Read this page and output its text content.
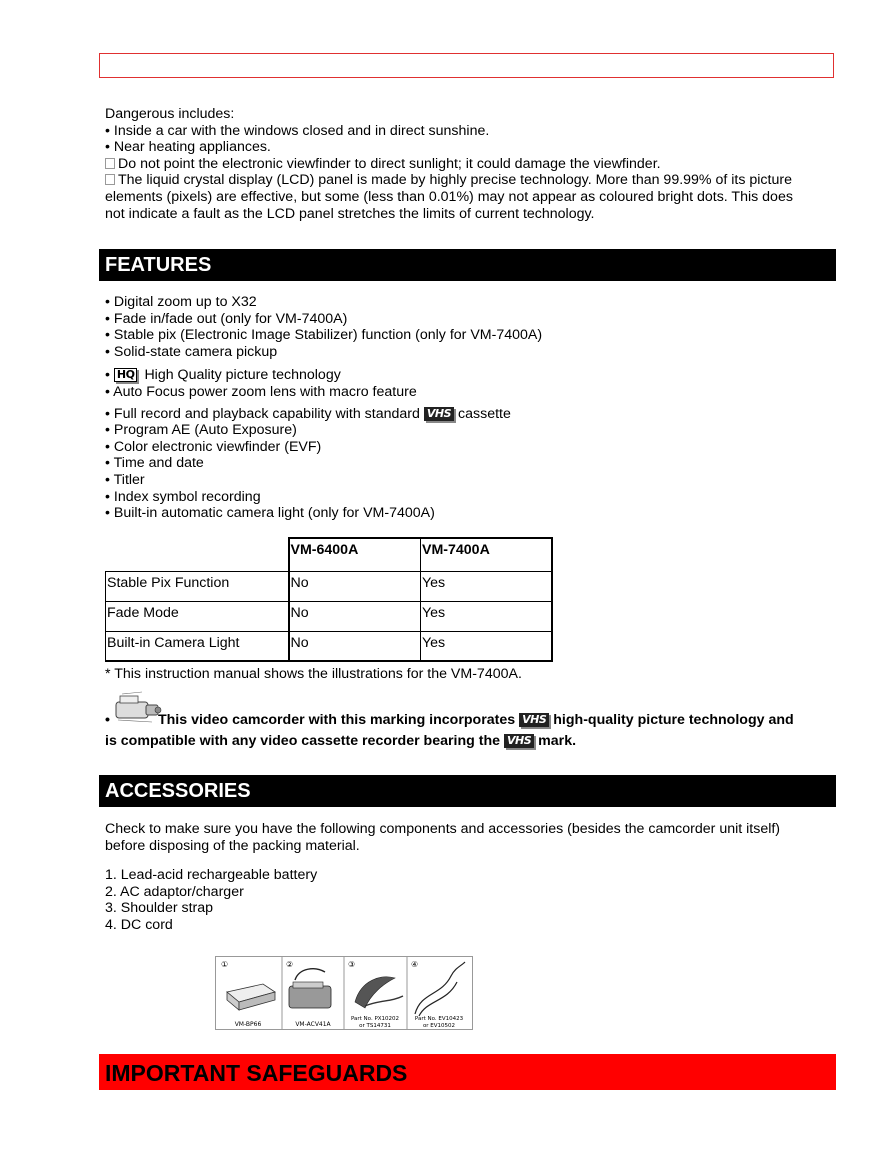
Dangerous includes:
• Inside a car with the windows closed and in direct sunshine.
• Near heating appliances.
Do not point the electronic viewfinder to direct sunlight; it could damage the viewfinder.
The liquid crystal display (LCD) panel is made by highly precise technology. More than 99.99% of its picture
elements (pixels) are effective, but some (less than 0.01%) may not appear as coloured bright dots. This does
not indicate a fault as the LCD panel stretches the limits of current technology.
FEATURES
• Digital zoom up to X32
• Fade in/fade out (only for VM-7400A)
• Stable pix (Electronic Image Stabilizer) function (only for VM-7400A)
• Solid-state camera pickup
• HQ High Quality picture technology
• Auto Focus power zoom lens with macro feature
• Full record and playback capability with standard VHS cassette
• Program AE (Auto Exposure)
• Color electronic viewfinder (EVF)
• Time and date
• Titler
• Index symbol recording
• Built-in automatic camera light (only for VM-7400A)
	VM-6400A	VM-7400A
Stable Pix Function	No	Yes
Fade Mode	No	Yes
Built-in Camera Light	No	Yes
* This instruction manual shows the illustrations for the VM-7400A.
•	This video camcorder with this marking incorporates VHS high-quality picture technology and
is compatible with any video cassette recorder bearing the VHS mark.
ACCESSORIES
Check to make sure you have the following components and accessories (besides the camcorder unit itself)
before disposing of the packing material.
1. Lead-acid rechargeable battery
2. AC adaptor/charger
3. Shoulder strap
4. DC cord
①	②	③	④
VM-BP66	VM-ACV41A
Part No. PX10202
or TS14731
Part No. EV10423
or EV10502
IMPORTANT SAFEGUARDS
